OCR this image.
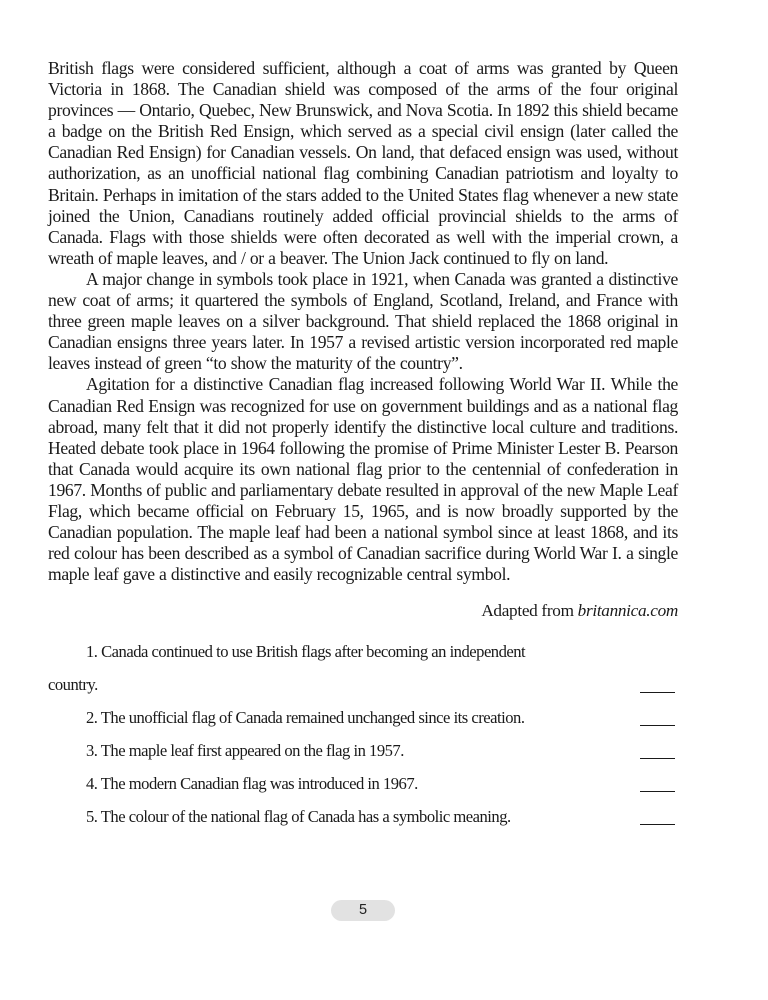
British flags were considered sufficient, although a coat of arms was granted by Queen Victoria in 1868. The Canadian shield was composed of the arms of the four original provinces — Ontario, Quebec, New Brunswick, and Nova Scotia. In 1892 this shield became a badge on the British Red Ensign, which served as a special civil ensign (later called the Canadian Red Ensign) for Canadian vessels. On land, that defaced ensign was used, without authorization, as an unofficial national flag combining Canadian patriotism and loyalty to Britain. Perhaps in imitation of the stars added to the United States flag whenever a new state joined the Union, Canadians routinely added official provincial shields to the arms of Canada. Flags with those shields were often decorated as well with the imperial crown, a wreath of maple leaves, and / or a beaver. The Union Jack continued to fly on land.

A major change in symbols took place in 1921, when Canada was granted a distinctive new coat of arms; it quartered the symbols of England, Scotland, Ireland, and France with three green maple leaves on a silver background. That shield replaced the 1868 original in Canadian ensigns three years later. In 1957 a revised artistic version incorporated red maple leaves instead of green “to show the maturity of the country”.

Agitation for a distinctive Canadian flag increased following World War II. While the Canadian Red Ensign was recognized for use on government buildings and as a national flag abroad, many felt that it did not properly identify the distinctive local culture and traditions. Heated debate took place in 1964 following the promise of Prime Minister Lester B. Pearson that Canada would acquire its own national flag prior to the centennial of confederation in 1967. Months of public and parliamentary debate resulted in approval of the new Maple Leaf Flag, which became official on February 15, 1965, and is now broadly supported by the Canadian population. The maple leaf had been a national symbol since at least 1868, and its red colour has been described as a symbol of Canadian sacrifice during World War I. a single maple leaf gave a distinctive and easily recognizable central symbol.

Adapted from britannica.com
1. Canada continued to use British flags after becoming an independent
country.
2. The unofficial flag of Canada remained unchanged since its creation.
3. The maple leaf first appeared on the flag in 1957.
4. The modern Canadian flag was introduced in 1967.
5. The colour of the national flag of Canada has a symbolic meaning.
5
